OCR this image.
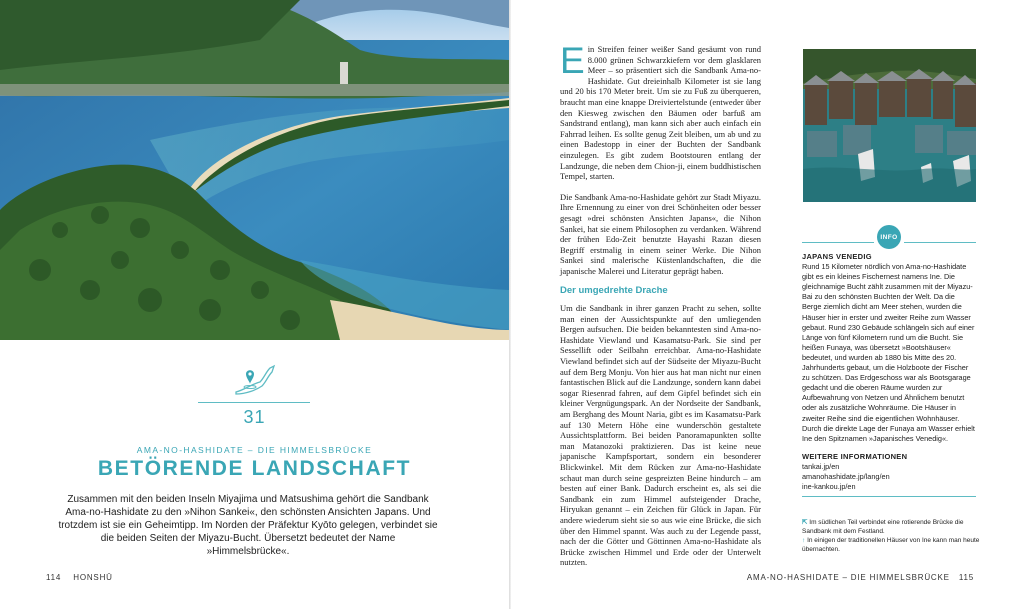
31
AMA-NO-HASHIDATE – DIE HIMMELSBRÜCKE
BETÖRENDE LANDSCHAFT
Zusammen mit den beiden Inseln Miyajima und Matsushima gehört die Sandbank Ama-no-Hashidate zu den »Nihon Sankei«, den schönsten Ansichten Japans. Und trotzdem ist sie ein Geheimtipp. Im Norden der Präfektur Kyōto gelegen, verbindet sie die beiden Seiten der Miyazu-Bucht. Übersetzt bedeutet der Name »Himmelsbrücke«.
114 HONSHŪ

Ein Streifen feiner weißer Sand gesäumt von rund 8.000 grünen Schwarzkiefern vor dem glasklaren Meer – so präsentiert sich die Sandbank Ama-no-Hashidate. Gut dreieinhalb Kilometer ist sie lang und 20 bis 170 Meter breit. Um sie zu Fuß zu überqueren, braucht man eine knappe Dreiviertelstunde (entweder über den Kiesweg zwischen den Bäumen oder barfuß am Sandstrand entlang), man kann sich aber auch einfach ein Fahrrad leihen. Es sollte genug Zeit bleiben, um ab und zu einen Badestopp in einer der Buchten der Sandbank einzulegen. Es gibt zudem Bootstouren entlang der Landzunge, die neben dem Chion-ji, einem buddhistischen Tempel, starten.

Die Sandbank Ama-no-Hashidate gehört zur Stadt Miyazu. Ihre Ernennung zu einer von drei Schönheiten oder besser gesagt »drei schönsten Ansichten Japans«, die Nihon Sankei, hat sie einem Philosophen zu verdanken. Während der frühen Edo-Zeit benutzte Hayashi Razan diesen Begriff erstmalig in einem seiner Werke. Die Nihon Sankei sind malerische Küstenlandschaften, die die japanische Malerei und Literatur geprägt haben.

Der umgedrehte Drache

Um die Sandbank in ihrer ganzen Pracht zu sehen, sollte man einen der Aussichtspunkte auf den umliegenden Bergen aufsuchen. Die beiden bekanntesten sind Ama-no-Hashidate Viewland und Kasamatsu-Park. Sie sind per Sessellift oder Seilbahn erreichbar. Ama-no-Hashidate Viewland befindet sich auf der Südseite der Miyazu-Bucht auf dem Berg Monju. Von hier aus hat man nicht nur einen fantastischen Blick auf die Landzunge, sondern kann dabei sogar Riesenrad fahren, auf dem Gipfel befindet sich ein kleiner Vergnügungspark. An der Nordseite der Sandbank, am Berghang des Mount Naria, gibt es im Kasamatsu-Park auf 130 Metern Höhe eine wunderschön gestaltete Aussichtsplattform. Bei beiden Panoramapunkten sollte man Matanozoki praktizieren. Das ist keine neue japanische Kampfsportart, sondern ein besonderer Blickwinkel. Mit dem Rücken zur Ama-no-Hashidate schaut man durch seine gespreizten Beine hindurch – am besten auf einer Bank. Dadurch erscheint es, als sei die Sandbank ein zum Himmel aufsteigender Drache, Hiryukan genannt – ein Zeichen für Glück in Japan. Für andere wiederum sieht sie so aus wie eine Brücke, die sich über den Himmel spannt. Was auch zu der Legende passt, nach der die Götter und Göttinnen Ama-no-Hashidate als Brücke zwischen Himmel und Erde oder der Unterwelt nutzten.

INFO
JAPANS VENEDIG
Rund 15 Kilometer nördlich von Ama-no-Hashidate gibt es ein kleines Fischernest namens Ine. Die gleichnamige Bucht zählt zusammen mit der Miyazu-Bai zu den schönsten Buchten der Welt. Da die Berge ziemlich dicht am Meer stehen, wurden die Häuser hier in erster und zweiter Reihe zum Wasser gebaut. Rund 230 Gebäude schlängeln sich auf einer Länge von fünf Kilometern rund um die Bucht. Sie heißen Funaya, was übersetzt »Bootshäuser« bedeutet, und wurden ab 1880 bis Mitte des 20. Jahrhunderts gebaut, um die Holzboote der Fischer zu schützen. Das Erdgeschoss war als Bootsgarage gedacht und die oberen Räume wurden zur Aufbewahrung von Netzen und Ähnlichem benutzt oder als zusätzliche Wohnräume. Die Häuser in zweiter Reihe sind die eigentlichen Wohnhäuser. Durch die direkte Lage der Funaya am Wasser erhielt Ine den Spitznamen »Japanisches Venedig«.
WEITERE INFORMATIONEN
tankai.jp/en
amanohashidate.jp/lang/en
ine-kankou.jp/en
⇱ Im südlichen Teil verbindet eine rotierende Brücke die Sandbank mit dem Festland.
↑ In einigen der traditionellen Häuser von Ine kann man heute übernachten.
AMA-NO-HASHIDATE – DIE HIMMELSBRÜCKE 115
